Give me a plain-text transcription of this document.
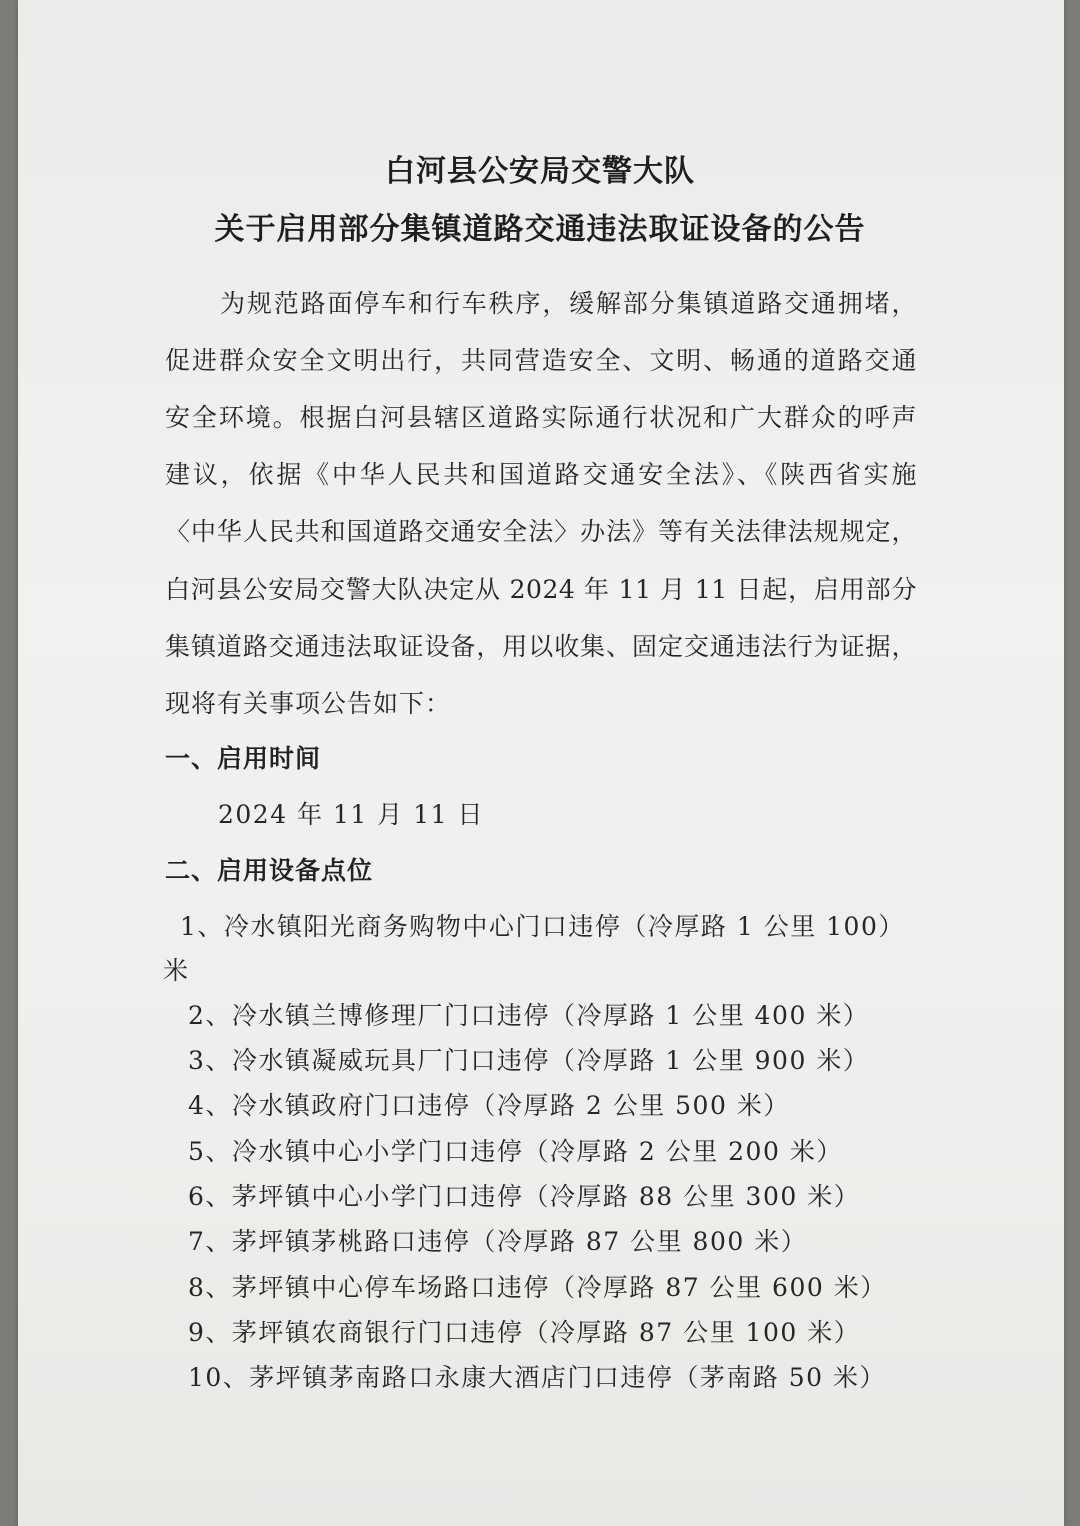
白河县公安局交警大队
关于启用部分集镇道路交通违法取证设备的公告
为规范路面停车和行车秩序，缓解部分集镇道路交通拥堵，
促进群众安全文明出行，共同营造安全、文明、畅通的道路交通
安全环境。根据白河县辖区道路实际通行状况和广大群众的呼声
建议，依据《中华人民共和国道路交通安全法》、《陕西省实施
〈中华人民共和国道路交通安全法〉办法》等有关法律法规规定，
白河县公安局交警大队决定从 2024 年 11 月 11 日起，启用部分
集镇道路交通违法取证设备，用以收集、固定交通违法行为证据，
现将有关事项公告如下：
一、启用时间
2024 年 11 月 11 日
二、启用设备点位
1、冷水镇阳光商务购物中心门口违停（冷厚路 1 公里 100）
米
2、冷水镇兰博修理厂门口违停（冷厚路 1 公里 400 米）
3、冷水镇凝威玩具厂门口违停（冷厚路 1 公里 900 米）
4、冷水镇政府门口违停（冷厚路 2 公里 500 米）
5、冷水镇中心小学门口违停（冷厚路 2 公里 200 米）
6、茅坪镇中心小学门口违停（冷厚路 88 公里 300 米）
7、茅坪镇茅桃路口违停（冷厚路 87 公里 800 米）
8、茅坪镇中心停车场路口违停（冷厚路 87 公里 600 米）
9、茅坪镇农商银行门口违停（冷厚路 87 公里 100 米）
10、茅坪镇茅南路口永康大酒店门口违停（茅南路 50 米）
